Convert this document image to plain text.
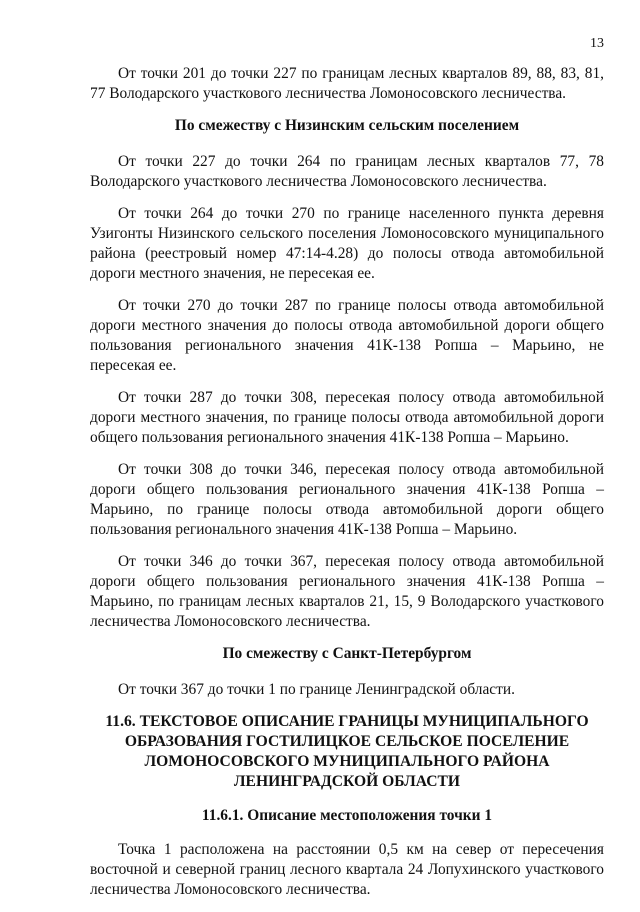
13

От точки 201 до точки 227 по границам лесных кварталов 89, 88, 83, 81, 77 Володарского участкового лесничества Ломоносовского лесничества.

По смежеству с Низинским сельским поселением

От точки 227 до точки 264 по границам лесных кварталов 77, 78 Володарского участкового лесничества Ломоносовского лесничества.

От точки 264 до точки 270 по границе населенного пункта деревня Узигонты Низинского сельского поселения Ломоносовского муниципального района (реестровый номер 47:14-4.28) до полосы отвода автомобильной дороги местного значения, не пересекая ее.

От точки 270 до точки 287 по границе полосы отвода автомобильной дороги местного значения до полосы отвода автомобильной дороги общего пользования регионального значения 41К-138 Ропша – Марьино, не пересекая ее.

От точки 287 до точки 308, пересекая полосу отвода автомобильной дороги местного значения, по границе полосы отвода автомобильной дороги общего пользования регионального значения 41К-138 Ропша – Марьино.

От точки 308 до точки 346, пересекая полосу отвода автомобильной дороги общего пользования регионального значения 41К-138 Ропша – Марьино, по границе полосы отвода автомобильной дороги общего пользования регионального значения 41К-138 Ропша – Марьино.

От точки 346 до точки 367, пересекая полосу отвода автомобильной дороги общего пользования регионального значения 41К-138 Ропша – Марьино, по границам лесных кварталов 21, 15, 9 Володарского участкового лесничества Ломоносовского лесничества.

По смежеству с Санкт-Петербургом

От точки 367 до точки 1 по границе Ленинградской области.

11.6. ТЕКСТОВОЕ ОПИСАНИЕ ГРАНИЦЫ МУНИЦИПАЛЬНОГО
ОБРАЗОВАНИЯ ГОСТИЛИЦКОЕ СЕЛЬСКОЕ ПОСЕЛЕНИЕ
ЛОМОНОСОВСКОГО МУНИЦИПАЛЬНОГО РАЙОНА
ЛЕНИНГРАДСКОЙ ОБЛАСТИ
11.6.1. Описание местоположения точки 1

Точка 1 расположена на расстоянии 0,5 км на север от пересечения восточной и северной границ лесного квартала 24 Лопухинского участкового лесничества Ломоносовского лесничества.
